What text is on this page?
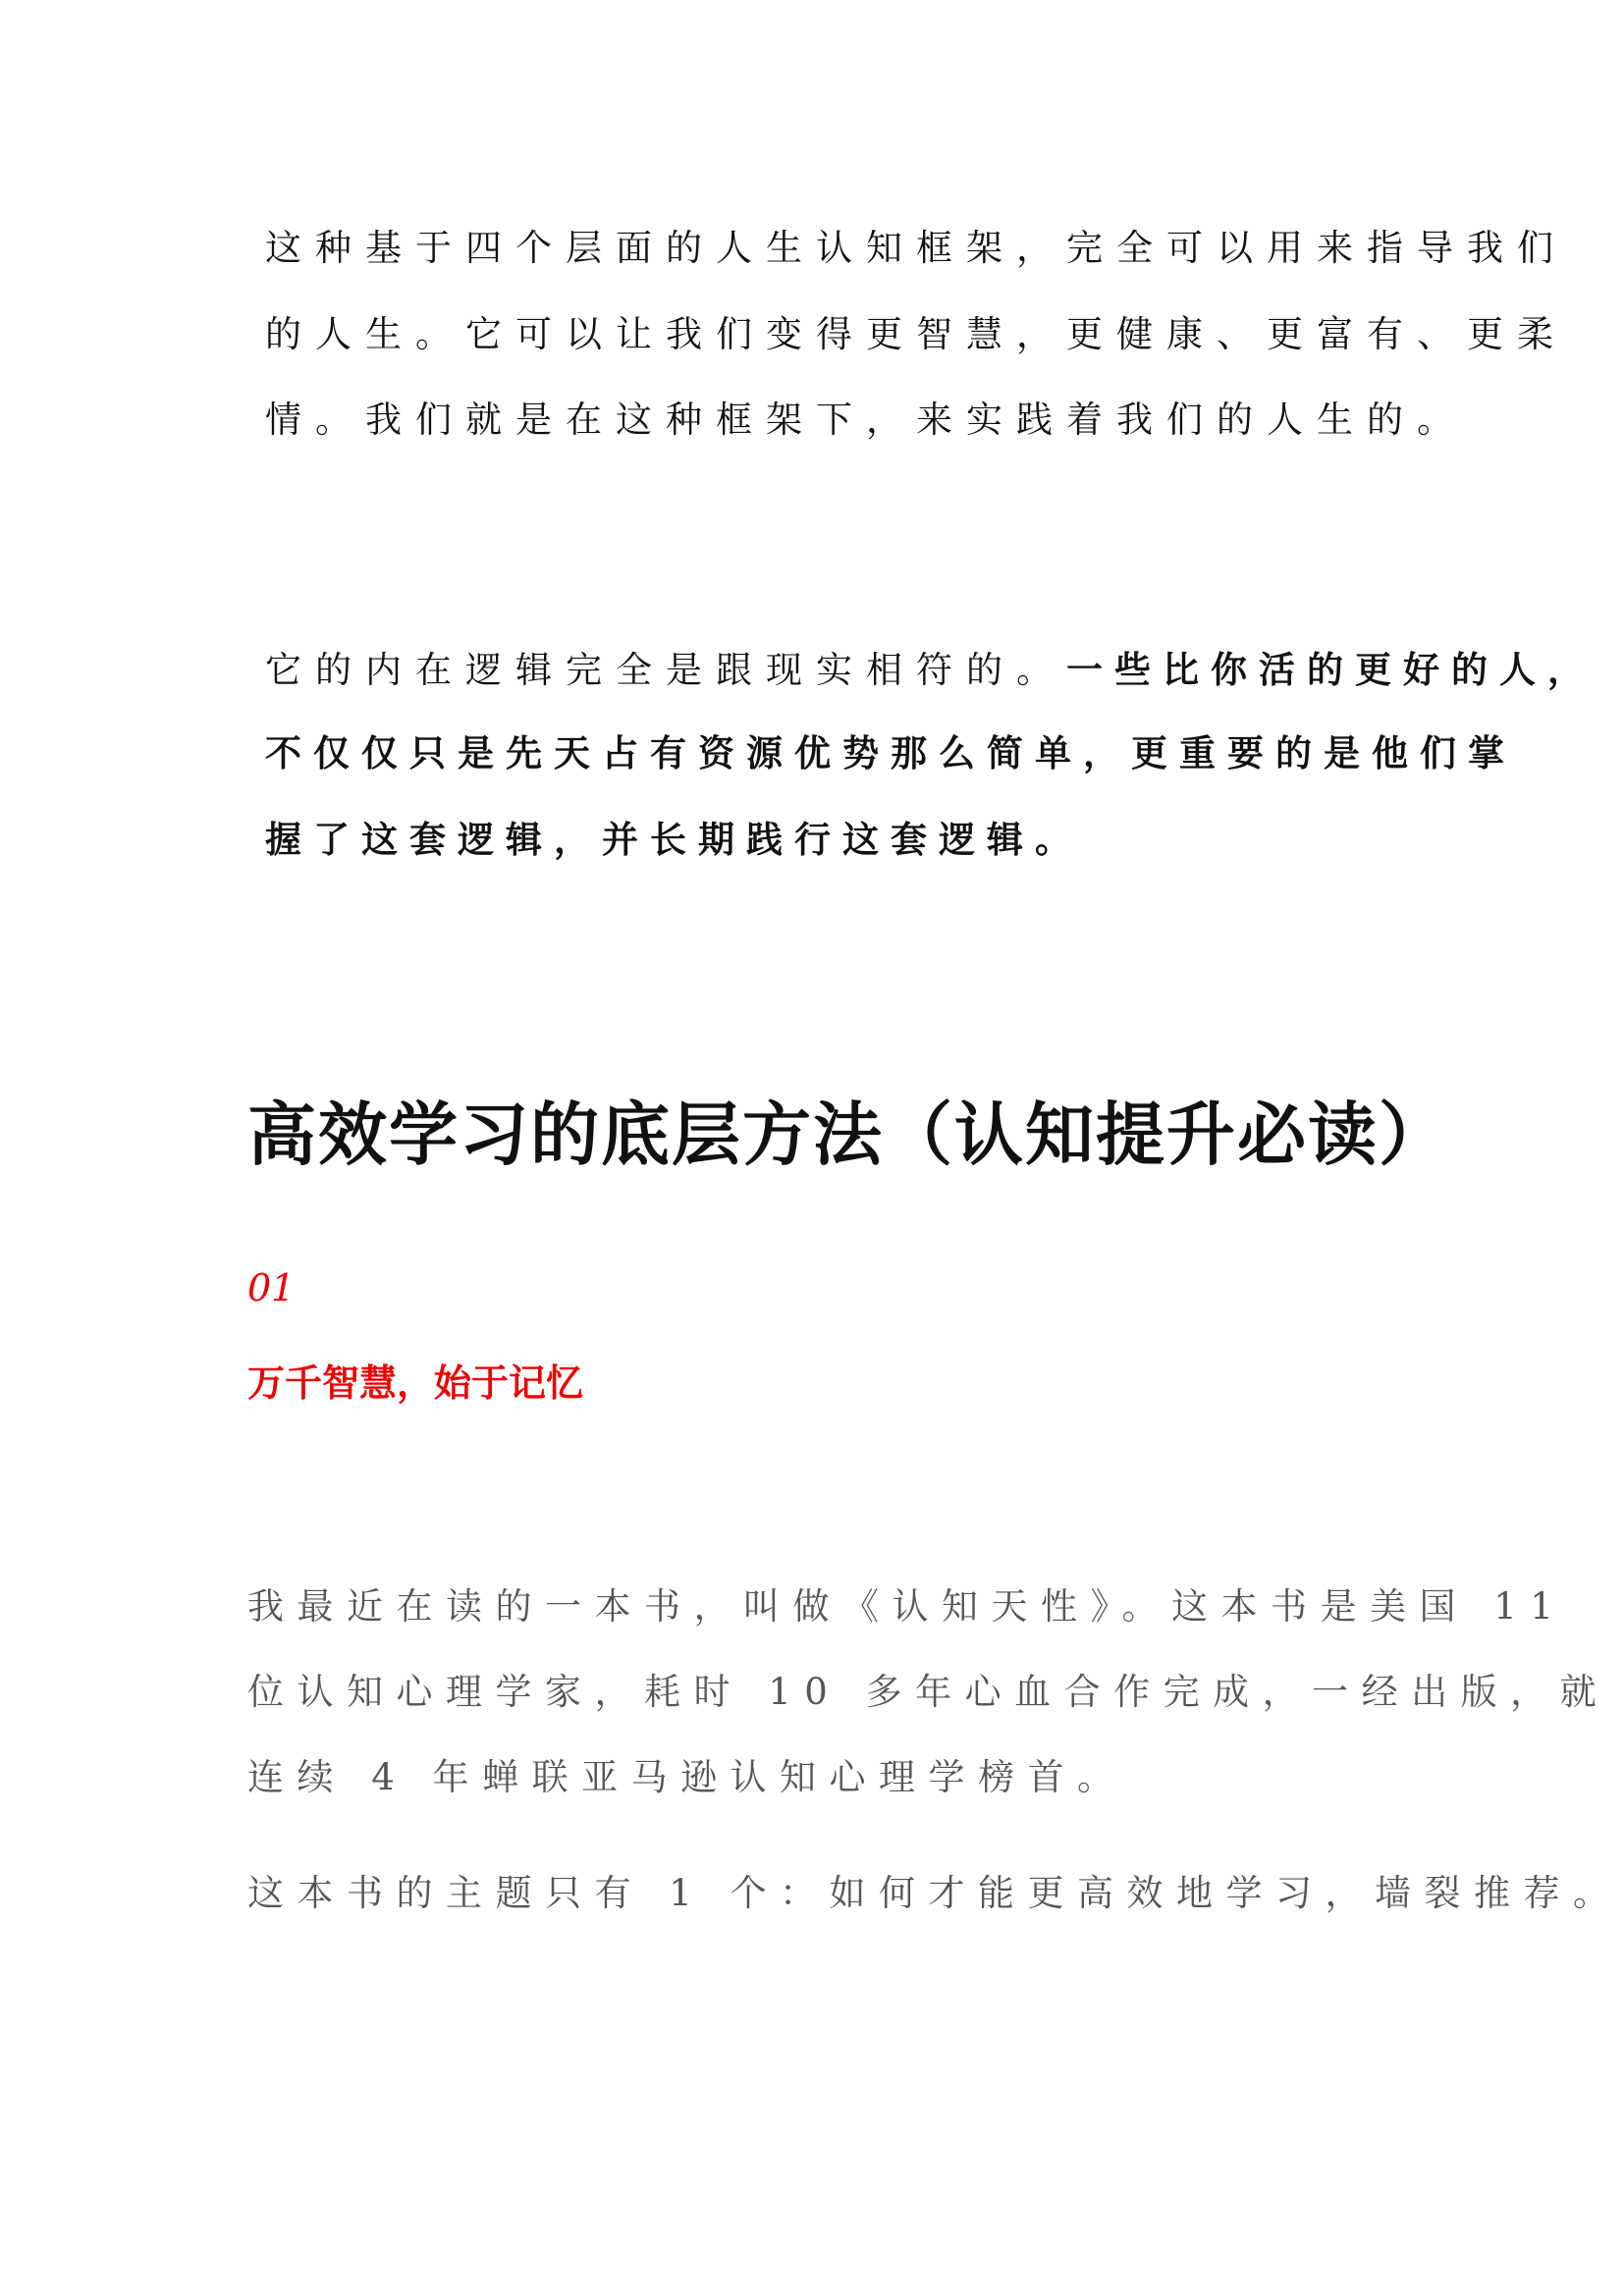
这种基于四个层面的人生认知框架，完全可以用来指导我们
的人生。它可以让我们变得更智慧，更健康、更富有、更柔
情。我们就是在这种框架下，来实践着我们的人生的。
它的内在逻辑完全是跟现实相符的。一些比你活的更好的人，
不仅仅只是先天占有资源优势那么简单，更重要的是他们掌
握了这套逻辑，并长期践行这套逻辑。
高效学习的底层方法（认知提升必读）
01
万千智慧，始于记忆
我最近在读的一本书，叫做《认知天性》。这本书是美国 11
位认知心理学家，耗时 10 多年心血合作完成，一经出版，就
连续 4 年蝉联亚马逊认知心理学榜首。
这本书的主题只有 1 个：如何才能更高效地学习，墙裂推荐。
